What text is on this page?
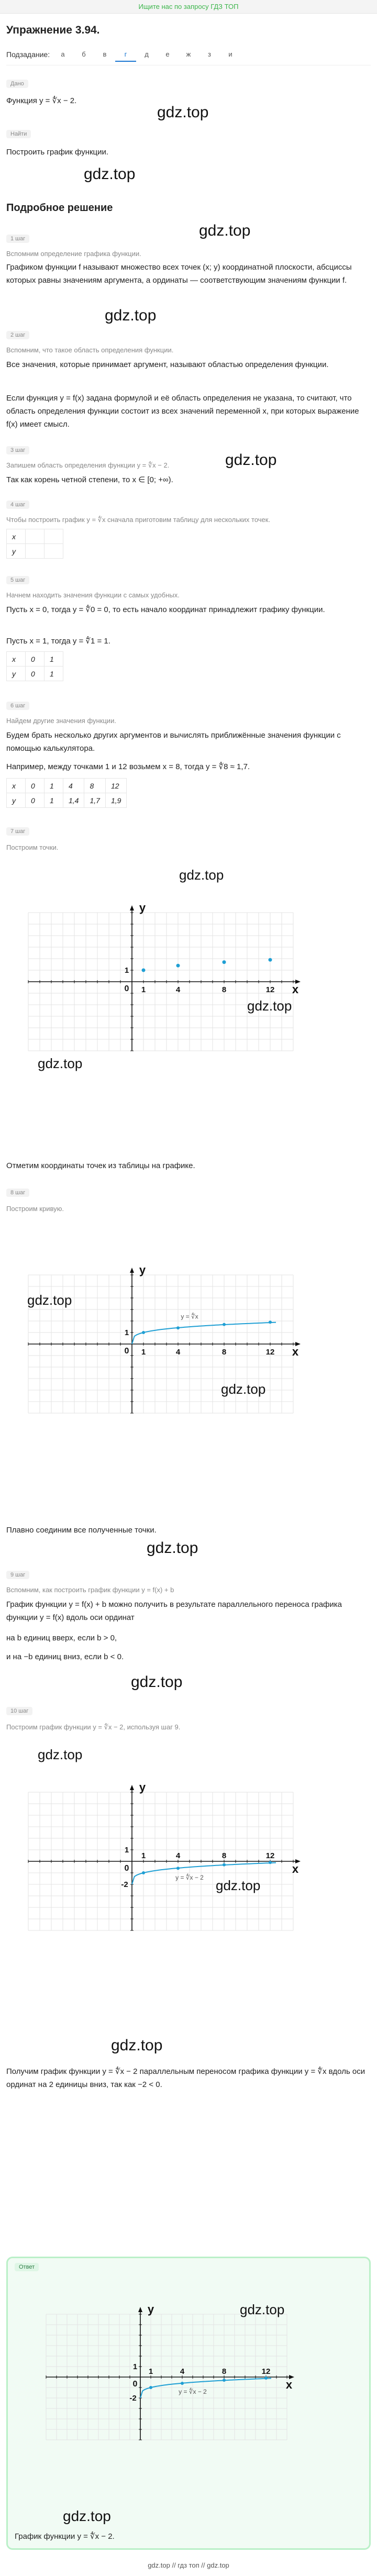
Ищите нас по запросу ГДЗ ТОП
Упражнение 3.94.
Подзадание:	а	б	в	г	д	е	ж	з	и
Дано
Функция y = ∜x − 2.
gdz.top
Найти
Построить график функции.
gdz.top
Подробное решение
gdz.top
1 шаг
Вспомним определение графика функции.
Графиком функции f называют множество всех точек (x; y) координатной плоскости, абсциссы которых равны значениям аргумента, а ординаты — соответствующим значениям функции f.
gdz.top
2 шаг
Вспомним, что такое область определения функции.
Все значения, которые принимает аргумент, называют областью определения функции.
Если функция y = f(x) задана формулой и её область определения не указана, то считают, что область определения функции состоит из всех значений переменной x, при которых выражение f(x) имеет смысл.
3 шаг
Запишем область определения функции y = ∜x − 2.	gdz.top
Так как корень четной степени, то x ∈ [0; +∞).
4 шаг
Чтобы построить график y = ∜x сначала приготовим таблицу для нескольких точек.
x		
y		
5 шаг
Начнем находить значения функции с самых удобных.
Пусть x = 0, тогда y = ∜0 = 0, то есть начало координат принадлежит графику функции.
Пусть x = 1, тогда y = ∜1 = 1.
x	0	1
y	0	1
6 шаг
Найдем другие значения функции.
Будем брать несколько других аргументов и вычислять приближённые значения функции с помощью калькулятора.
Например, между точками 1 и 12 возьмем x = 8, тогда y = ∜8 ≈ 1,7.
x	0	1	4	8	12
y	0	1	1,4	1,7	1,9
7 шаг
Построим точки.
x
y
0 1	4	8	12
1
gdz.top
gdz.top
gdz.top
Отметим координаты точек из таблицы на графике.
8 шаг
Построим кривую.
x
y
0 1	4	8	12
1
y = ∜x
gdz.top
gdz.top
Плавно соединим все полученные точки.
gdz.top
9 шаг
Вспомним, как построить график функции y = f(x) + b
График функции y = f(x) + b можно получить в результате параллельного переноса графика функции y = f(x) вдоль оси ординат
на b единиц вверх, если b > 0,
и на −b единиц вниз, если b < 0.
gdz.top
10 шаг
Построим график функции y = ∜x − 2, используя шаг 9.
x
y
0
1	4	8	12
1
-2
y = ∜x − 2
gdz.top
gdz.top
gdz.top
Получим график функции y = ∜x − 2 параллельным переносом графика функции y = ∜x вдоль оси ординат на 2 единицы вниз, так как −2 < 0.
Ответ
x
y
0
1	4	8	12
1
-2
y = ∜x − 2
gdz.top
gdz.top
График функции y = ∜x − 2.
gdz.top // гдз топ // gdz.top
